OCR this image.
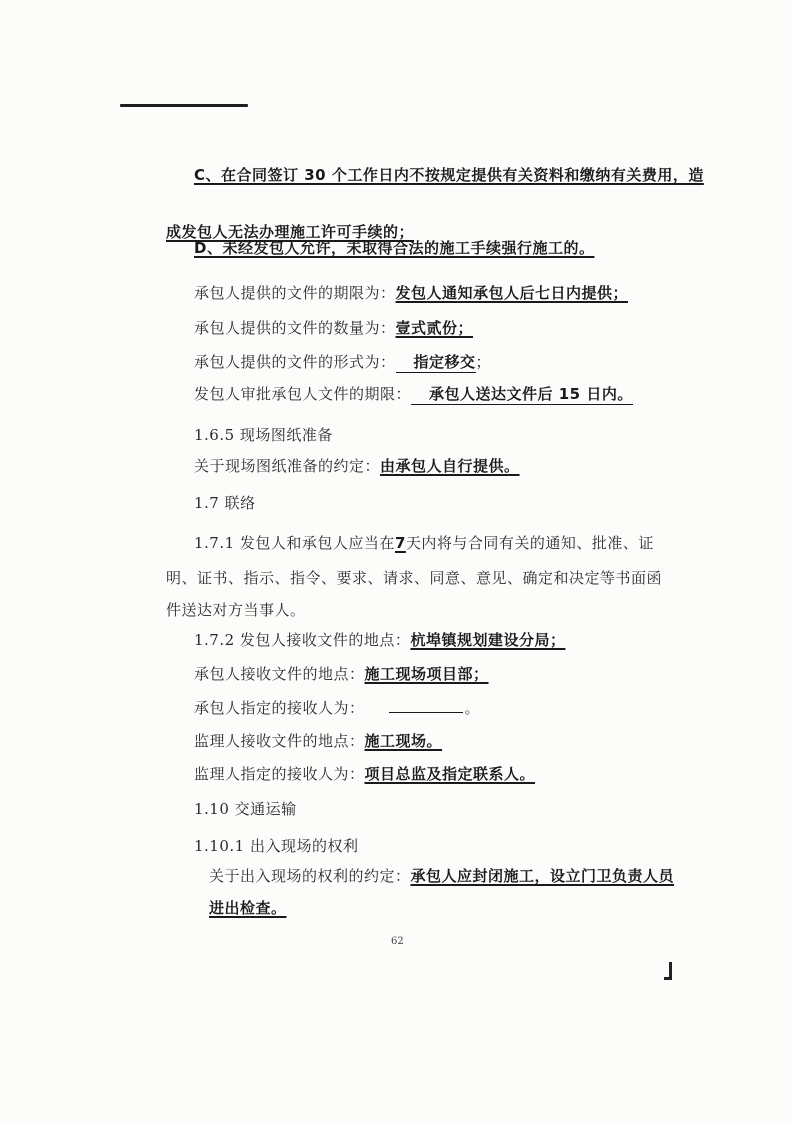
C、在合同签订 30 个工作日内不按规定提供有关资料和缴纳有关费用，造
成发包人无法办理施工许可手续的；
D、未经发包人允许，未取得合法的施工手续强行施工的。
承包人提供的文件的期限为：发包人通知承包人后七日内提供；
承包人提供的文件的数量为：壹式贰份；
承包人提供的文件的形式为： 指定移交；
发包人审批承包人文件的期限： 承包人送达文件后 15 日内。
1.6.5 现场图纸准备
关于现场图纸准备的约定：由承包人自行提供。
1.7 联络
1.7.1 发包人和承包人应当在7天内将与合同有关的通知、批准、证
明、证书、指示、指令、要求、请求、同意、意见、确定和决定等书面函
件送达对方当事人。
1.7.2 发包人接收文件的地点：杭埠镇规划建设分局；
承包人接收文件的地点：施工现场项目部；
承包人指定的接收人为：	。
监理人接收文件的地点：施工现场。
监理人指定的接收人为：项目总监及指定联系人。
1.10 交通运输
1.10.1 出入现场的权利
关于出入现场的权利的约定：承包人应封闭施工，设立门卫负责人员
进出检查。
62
